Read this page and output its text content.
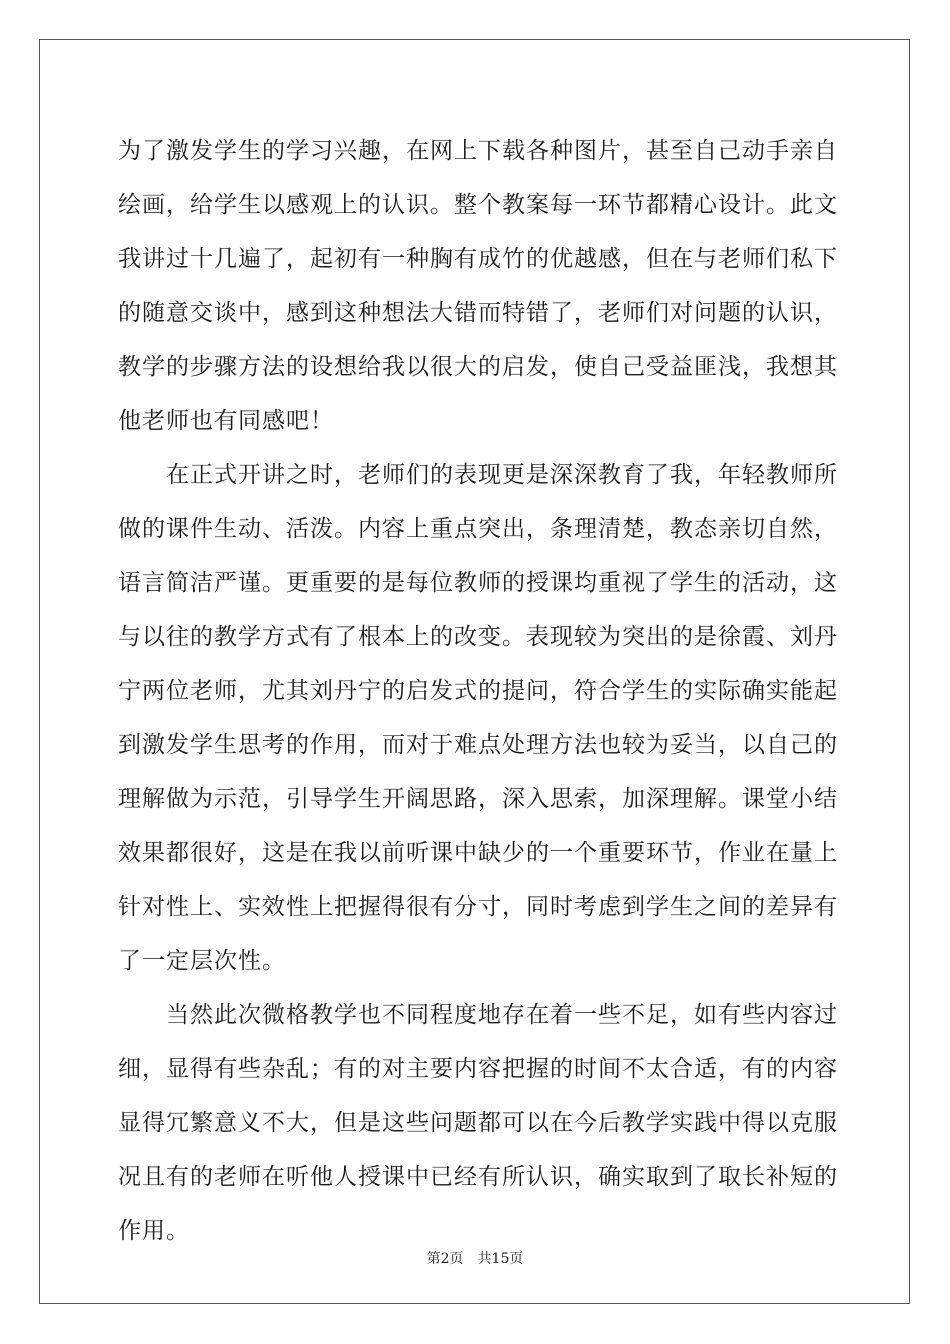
为了激发学生的学习兴趣，在网上下载各种图片，甚至自己动手亲自
绘画，给学生以感观上的认识。整个教案每一环节都精心设计。此文
我讲过十几遍了，起初有一种胸有成竹的优越感，但在与老师们私下
的随意交谈中，感到这种想法大错而特错了，老师们对问题的认识，
教学的步骤方法的设想给我以很大的启发，使自己受益匪浅，我想其
他老师也有同感吧！
在正式开讲之时，老师们的表现更是深深教育了我，年轻教师所
做的课件生动、活泼。内容上重点突出，条理清楚，教态亲切自然，
语言简洁严谨。更重要的是每位教师的授课均重视了学生的活动，这
与以往的教学方式有了根本上的改变。表现较为突出的是徐霞、刘丹
宁两位老师，尤其刘丹宁的启发式的提问，符合学生的实际确实能起
到激发学生思考的作用，而对于难点处理方法也较为妥当，以自己的
理解做为示范，引导学生开阔思路，深入思索，加深理解。课堂小结
效果都很好，这是在我以前听课中缺少的一个重要环节，作业在量上
针对性上、实效性上把握得很有分寸，同时考虑到学生之间的差异有
了一定层次性。
当然此次微格教学也不同程度地存在着一些不足，如有些内容过
细，显得有些杂乱；有的对主要内容把握的时间不太合适，有的内容
显得冗繁意义不大，但是这些问题都可以在今后教学实践中得以克服
况且有的老师在听他人授课中已经有所认识，确实取到了取长补短的
作用。
第2页 共15页
